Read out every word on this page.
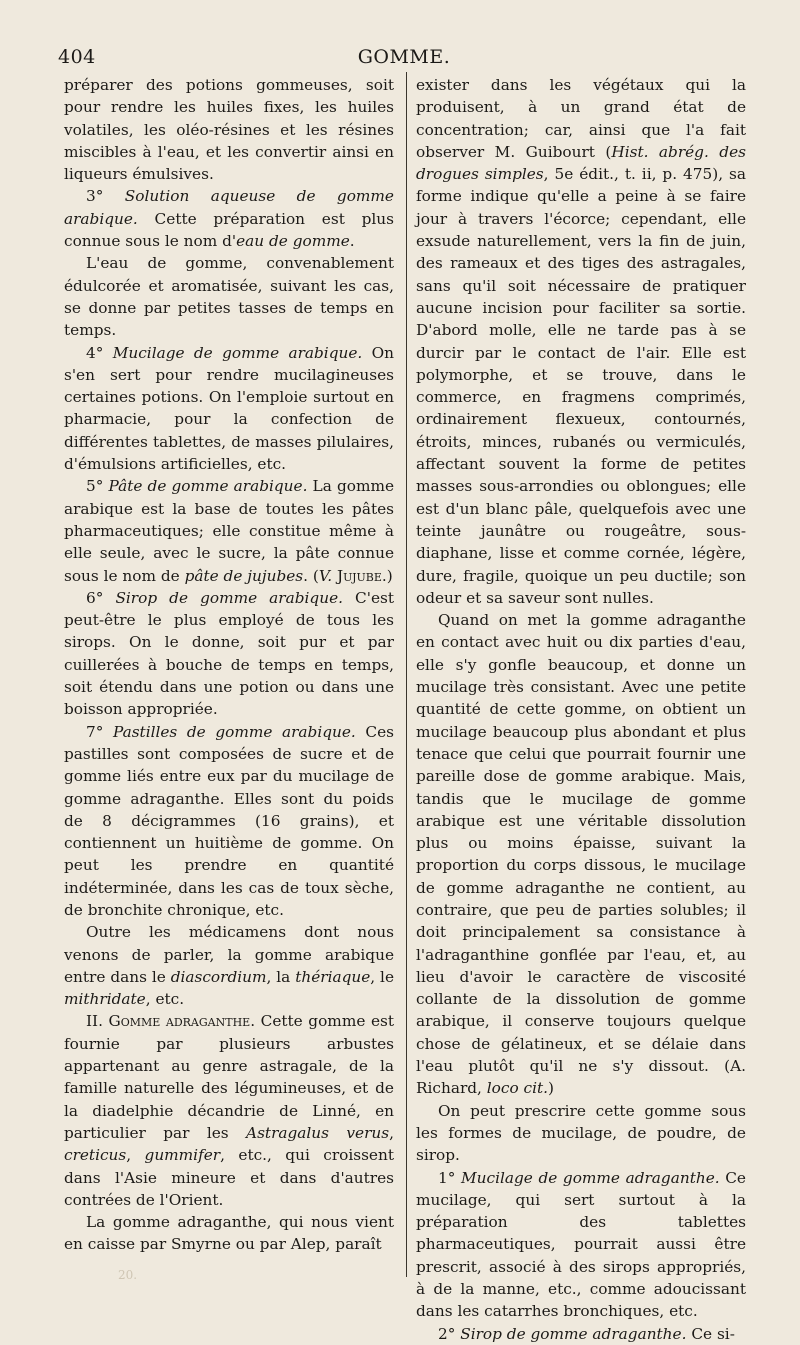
404	GOMME.

préparer des potions gommeuses, soit pour rendre les huiles fixes, les huiles volatiles, les oléo-résines et les résines miscibles à l'eau, et les convertir ainsi en liqueurs émulsives.

3° Solution aqueuse de gomme arabique. Cette préparation est plus connue sous le nom d'eau de gomme.

L'eau de gomme, convenablement édulcorée et aromatisée, suivant les cas, se donne par petites tasses de temps en temps.

4° Mucilage de gomme arabique. On s'en sert pour rendre mucilagineuses certaines potions. On l'emploie surtout en pharmacie, pour la confection de différentes tablettes, de masses pilulaires, d'émulsions artificielles, etc.

5° Pâte de gomme arabique. La gomme arabique est la base de toutes les pâtes pharmaceutiques; elle constitue même à elle seule, avec le sucre, la pâte connue sous le nom de pâte de jujubes. (V. Jujube.)

6° Sirop de gomme arabique. C'est peut-être le plus employé de tous les sirops. On le donne, soit pur et par cuillerées à bouche de temps en temps, soit étendu dans une potion ou dans une boisson appropriée.

7° Pastilles de gomme arabique. Ces pastilles sont composées de sucre et de gomme liés entre eux par du mucilage de gomme adraganthe. Elles sont du poids de 8 décigrammes (16 grains), et contiennent un huitième de gomme. On peut les prendre en quantité indéterminée, dans les cas de toux sèche, de bronchite chronique, etc.

Outre les médicamens dont nous venons de parler, la gomme arabique entre dans le diascordium, la thériaque, le mithridate, etc.

II. Gomme adraganthe. Cette gomme est fournie par plusieurs arbustes appartenant au genre astragale, de la famille naturelle des légumineuses, et de la diadelphie décandrie de Linné, en particulier par les Astragalus verus, creticus, gummifer, etc., qui croissent dans l'Asie mineure et dans d'autres contrées de l'Orient.

La gomme adraganthe, qui nous vient en caisse par Smyrne ou par Alep, paraît

exister dans les végétaux qui la produisent, à un grand état de concentration; car, ainsi que l'a fait observer M. Guibourt (Hist. abrég. des drogues simples, 5e édit., t. ii, p. 475), sa forme indique qu'elle a peine à se faire jour à travers l'écorce; cependant, elle exsude naturellement, vers la fin de juin, des rameaux et des tiges des astragales, sans qu'il soit nécessaire de pratiquer aucune incision pour faciliter sa sortie. D'abord molle, elle ne tarde pas à se durcir par le contact de l'air. Elle est polymorphe, et se trouve, dans le commerce, en fragmens comprimés, ordinairement flexueux, contournés, étroits, minces, rubanés ou vermiculés, affectant souvent la forme de petites masses sous-arrondies ou oblongues; elle est d'un blanc pâle, quelquefois avec une teinte jaunâtre ou rougeâtre, sous-diaphane, lisse et comme cornée, légère, dure, fragile, quoique un peu ductile; son odeur et sa saveur sont nulles.

Quand on met la gomme adraganthe en contact avec huit ou dix parties d'eau, elle s'y gonfle beaucoup, et donne un mucilage très consistant. Avec une petite quantité de cette gomme, on obtient un mucilage beaucoup plus abondant et plus tenace que celui que pourrait fournir une pareille dose de gomme arabique. Mais, tandis que le mucilage de gomme arabique est une véritable dissolution plus ou moins épaisse, suivant la proportion du corps dissous, le mucilage de gomme adraganthe ne contient, au contraire, que peu de parties solubles; il doit principalement sa consistance à l'adraganthine gonflée par l'eau, et, au lieu d'avoir le caractère de viscosité collante de la dissolution de gomme arabique, il conserve toujours quelque chose de gélatineux, et se délaie dans l'eau plutôt qu'il ne s'y dissout. (A. Richard, loco cit.)

On peut prescrire cette gomme sous les formes de mucilage, de poudre, de sirop.

1° Mucilage de gomme adraganthe. Ce mucilage, qui sert surtout à la préparation des tablettes pharmaceutiques, pourrait aussi être prescrit, associé à des sirops appropriés, à de la manne, etc., comme adoucissant dans les catarrhes bronchiques, etc.

2° Sirop de gomme adraganthe. Ce si-

20.
